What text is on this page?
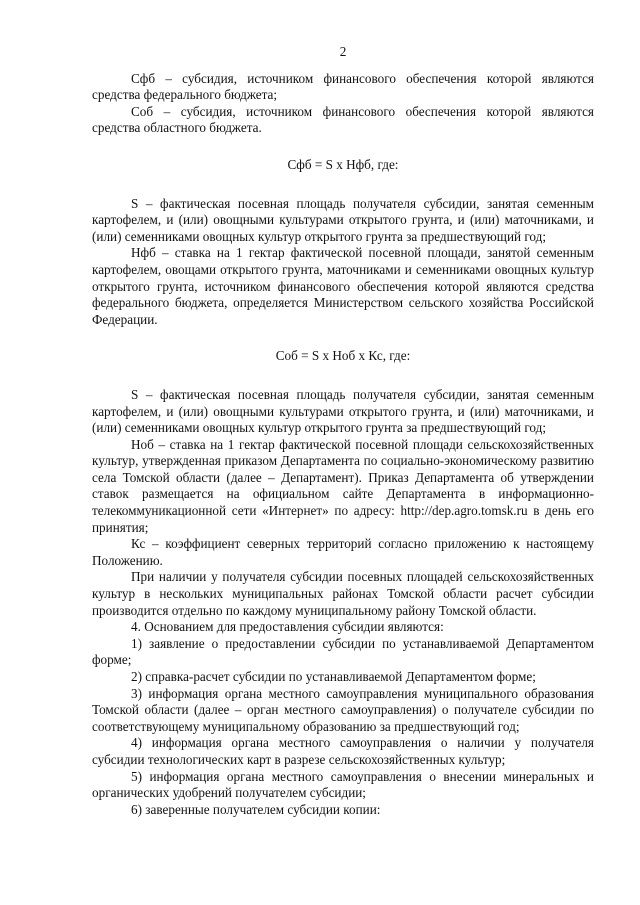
2

Сфб – субсидия, источником финансового обеспечения которой являются средства федерального бюджета;

Соб – субсидия, источником финансового обеспечения которой являются средства областного бюджета.

Сфб = S x Нфб, где:

S – фактическая посевная площадь получателя субсидии, занятая семенным картофелем, и (или) овощными культурами открытого грунта, и (или) маточниками, и (или) семенниками овощных культур открытого грунта за предшествующий год;

Нфб – ставка на 1 гектар фактической посевной площади, занятой семенным картофелем, овощами открытого грунта, маточниками и семенниками овощных культур открытого грунта, источником финансового обеспечения которой являются средства федерального бюджета, определяется Министерством сельского хозяйства Российской Федерации.

Соб = S x Ноб x Кс, где:

S – фактическая посевная площадь получателя субсидии, занятая семенным картофелем, и (или) овощными культурами открытого грунта, и (или) маточниками, и (или) семенниками овощных культур открытого грунта за предшествующий год;

Ноб – ставка на 1 гектар фактической посевной площади сельскохозяйственных культур, утвержденная приказом Департамента по социально-экономическому развитию села Томской области (далее – Департамент). Приказ Департамента об утверждении ставок размещается на официальном сайте Департамента в информационно-телекоммуникационной сети «Интернет» по адресу: http://dep.agro.tomsk.ru в день его принятия;

Кс – коэффициент северных территорий согласно приложению к настоящему Положению.

При наличии у получателя субсидии посевных площадей сельскохозяйственных культур в нескольких муниципальных районах Томской области расчет субсидии производится отдельно по каждому муниципальному району Томской области.

4. Основанием для предоставления субсидии являются:

1) заявление о предоставлении субсидии по устанавливаемой Департаментом форме;

2) справка-расчет субсидии по устанавливаемой Департаментом форме;

3) информация органа местного самоуправления муниципального образования Томской области (далее – орган местного самоуправления) о получателе субсидии по соответствующему муниципальному образованию за предшествующий год;

4) информация органа местного самоуправления о наличии у получателя субсидии технологических карт в разрезе сельскохозяйственных культур;

5) информация органа местного самоуправления о внесении минеральных и органических удобрений получателем субсидии;

6) заверенные получателем субсидии копии:
